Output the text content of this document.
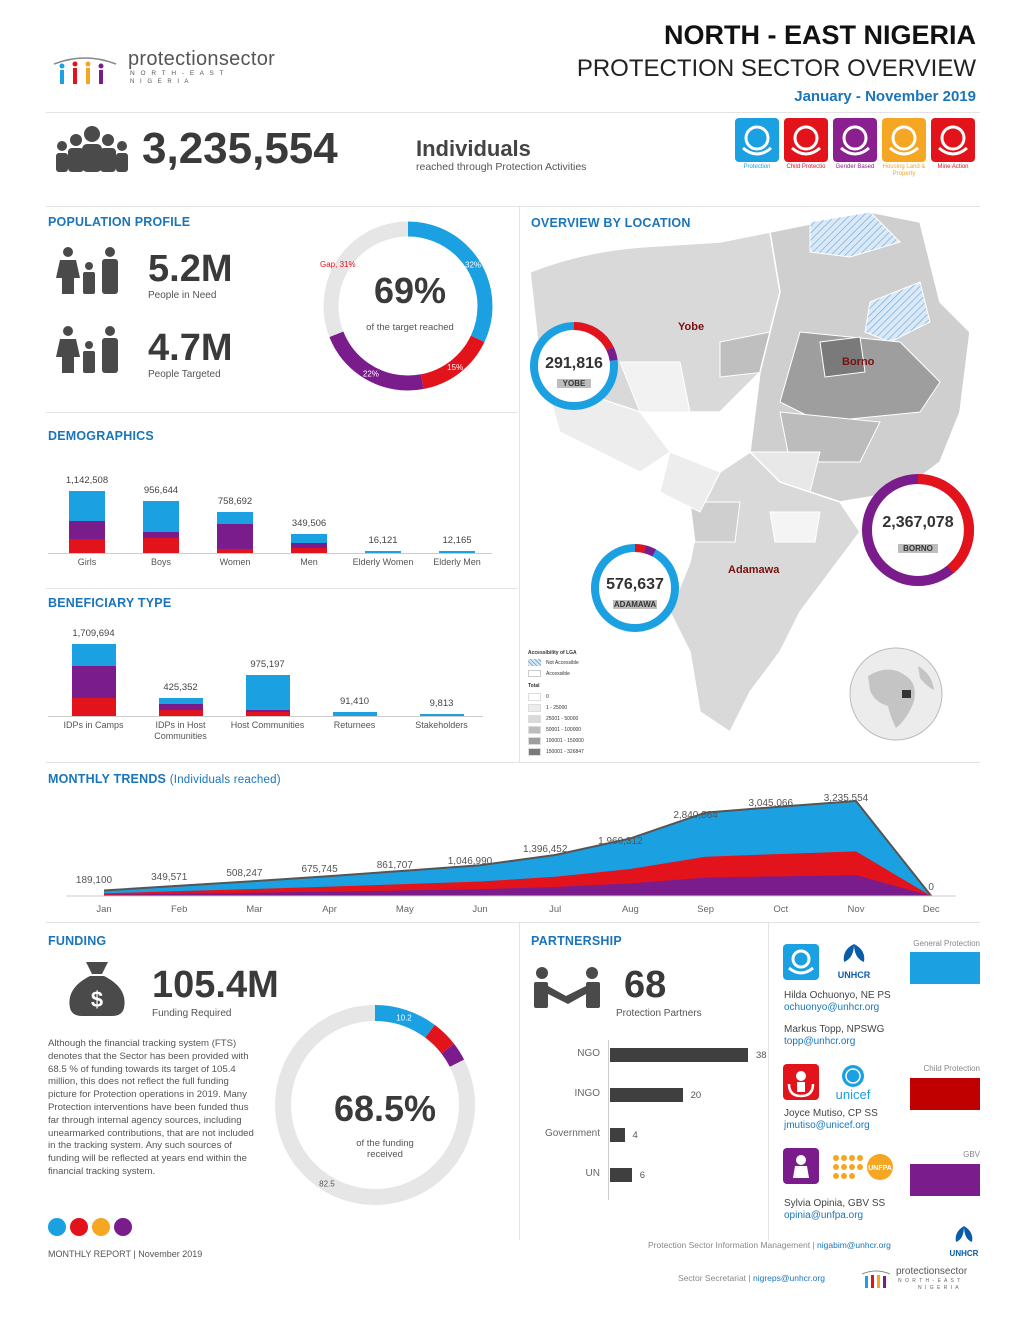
protectionsector
N O R T H - E A S T
N I G E R I A
NORTH - EAST NIGERIA
PROTECTION SECTOR OVERVIEW
January - November 2019
3,235,554	Individuals
reached through Protection Activities	Protection	Child Protectio	Gender Based	Housing Land & Property
Mine Action
POPULATION PROFILE
5.2M
People in Need
4.7M
People Targeted
32%
15%
22%
69%
of the target reached
Gap, 31%
DEMOGRAPHICS
1,142,508
Girls
956,644
Boys
758,692
Women
349,506
Men
16,121
Elderly Women
12,165
Elderly Men
BENEFICIARY TYPE
1,709,694
IDPs in Camps
425,352
IDPs in Host Communities
975,197
Host Communities
91,410
Returnees
9,813
Stakeholders
OVERVIEW BY LOCATION
Yobe
Borno
Adamawa
291,816
YOBE
2,367,078
BORNO
576,637
ADAMAWA
Accessibility of LGA
Not Accessible
Accessible
Total
0
1 - 25000
25001 - 50000
50001 - 100000
100001 - 150000
150001 - 326847
MONTHLY TRENDS (Individuals reached)
189,100	349,571	508,247	675,745	861,707	1,046,990
1,396,452
1,960,312
2,840,864
3,045,066	3,235,554
0
Jan	Feb	Mar	Apr	May	Jun	Jul	Aug	Sep	Oct	Nov	Dec
FUNDING
$ 105.4M
Funding Required
Although the financial tracking system (FTS) denotes that the Sector has been provided with 68.5 % of funding towards its target of 105.4 million, this does not reflect the full funding picture for Protection operations in 2019. Many Protection interventions have been funded thus far through internal agency sources, including unearmarked contributions, that are not included in the tracking system. Any such sources of funding will be reflected at years end within the financial tracking system.
10.2
82.5
68.5%
of the funding received
PARTNERSHIP
68
Protection Partners
NGO	38
INGO	20
Government	4
UN	6
UNHCR
General Protection
Hilda Ochuonyo, NE PS
ochuonyo@unhcr.org
Markus Topp, NPSWG
topp@unhcr.org
unicef
Child Protection
Joyce Mutiso, CP SS
jmutiso@unicef.org
UNFPA
GBV
Sylvia Opinia, GBV SS
opinia@unfpa.org
MONTHLY REPORT | November 2019
Protection Sector Information Management | nigabim@unhcr.org
Sector Secretariat | nigreps@unhcr.org
UNHCR
protectionsector
N O R T H - E A S T
N I G E R I A
